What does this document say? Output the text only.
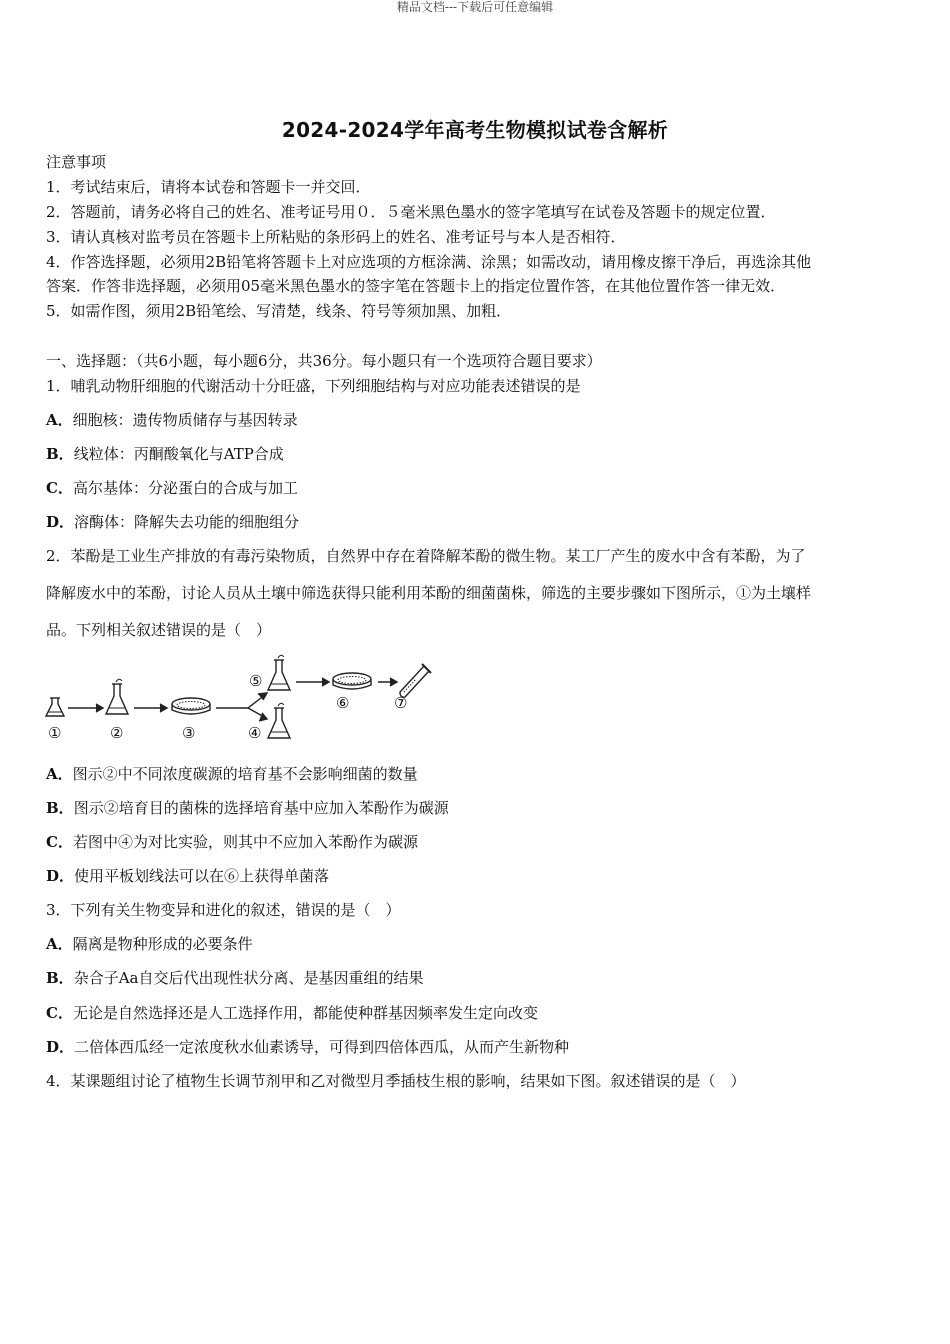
精品文档---下载后可任意编辑
2024-2024学年高考生物模拟试卷含解析
注意事项
1．考试结束后，请将本试卷和答题卡一并交回．
2．答题前，请务必将自己的姓名、准考证号用０．５毫米黑色墨水的签字笔填写在试卷及答题卡的规定位置．
3．请认真核对监考员在答题卡上所粘贴的条形码上的姓名、准考证号与本人是否相符．
4．作答选择题，必须用2B铅笔将答题卡上对应选项的方框涂满、涂黑；如需改动，请用橡皮擦干净后，再选涂其他
答案．作答非选择题，必须用05毫米黑色墨水的签字笔在答题卡上的指定位置作答，在其他位置作答一律无效．
5．如需作图，须用2B铅笔绘、写清楚，线条、符号等须加黑、加粗．
一、选择题：（共6小题，每小题6分，共36分。每小题只有一个选项符合题目要求）
1．哺乳动物肝细胞的代谢活动十分旺盛，下列细胞结构与对应功能表述错误的是
A．细胞核：遗传物质储存与基因转录
B．线粒体：丙酮酸氧化与ATP合成
C．高尔基体：分泌蛋白的合成与加工
D．溶酶体：降解失去功能的细胞组分
2．苯酚是工业生产排放的有毒污染物质，自然界中存在着降解苯酚的微生物。某工厂产生的废水中含有苯酚，为了
降解废水中的苯酚，讨论人员从土壤中筛选获得只能利用苯酚的细菌菌株，筛选的主要步骤如下图所示，①为土壤样
品。下列相关叙述错误的是（　）
①	②	③	④
⑤
⑥	⑦
A．图示②中不同浓度碳源的培育基不会影响细菌的数量
B．图示②培育目的菌株的选择培育基中应加入苯酚作为碳源
C．若图中④为对比实验，则其中不应加入苯酚作为碳源
D．使用平板划线法可以在⑥上获得单菌落
3．下列有关生物变异和进化的叙述，错误的是（　）
A．隔离是物种形成的必要条件
B．杂合子Aa自交后代出现性状分离、是基因重组的结果
C．无论是自然选择还是人工选择作用，都能使种群基因频率发生定向改变
D．二倍体西瓜经一定浓度秋水仙素诱导，可得到四倍体西瓜，从而产生新物种
4．某课题组讨论了植物生长调节剂甲和乙对微型月季插枝生根的影响，结果如下图。叙述错误的是（　）
